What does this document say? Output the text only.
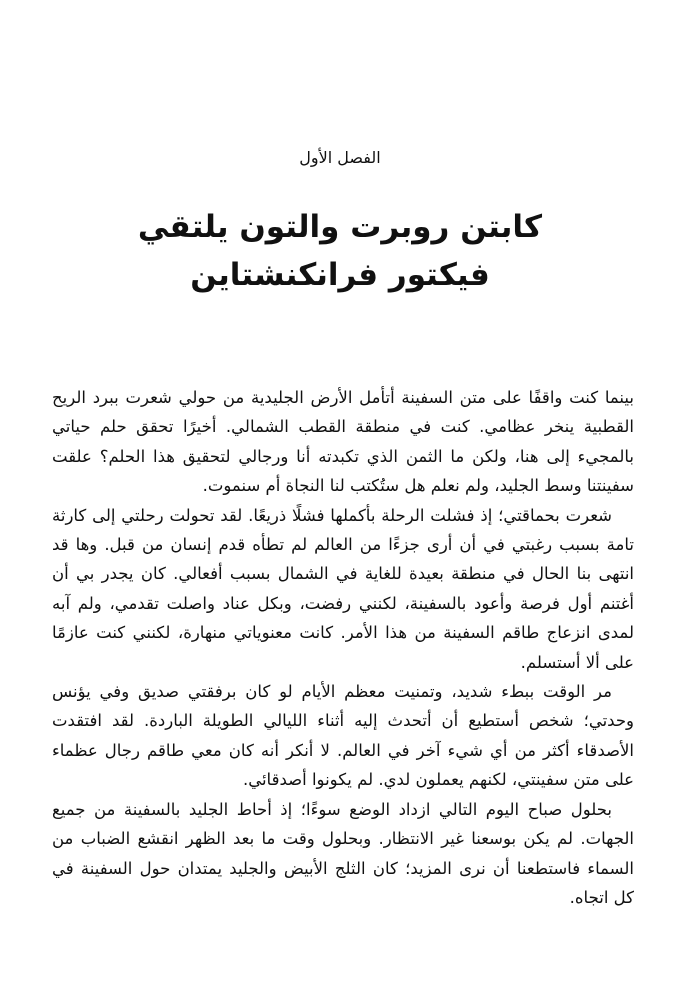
الفصل الأول
كابتن روبرت والتون يلتقي
فيكتور فرانكنشتاين

بينما كنت واقفًا على متن السفينة أتأمل الأرض الجليدية من حولي شعرت ببرد الريح القطبية ينخر عظامي. كنت في منطقة القطب الشمالي. أخيرًا تحقق حلم حياتي بالمجيء إلى هنا، ولكن ما الثمن الذي تكبدته أنا ورجالي لتحقيق هذا الحلم؟ علقت سفينتنا وسط الجليد، ولم نعلم هل ستُكتب لنا النجاة أم سنموت.

شعرت بحماقتي؛ إذ فشلت الرحلة بأكملها فشلًا ذريعًا. لقد تحولت رحلتي إلى كارثة تامة بسبب رغبتي في أن أرى جزءًا من العالم لم تطأه قدم إنسان من قبل. وها قد انتهى بنا الحال في منطقة بعيدة للغاية في الشمال بسبب أفعالي. كان يجدر بي أن أغتنم أول فرصة وأعود بالسفينة، لكنني رفضت، وبكل عناد واصلت تقدمي، ولم آبه لمدى انزعاج طاقم السفينة من هذا الأمر. كانت معنوياتي منهارة، لكنني كنت عازمًا على ألا أستسلم.

مر الوقت ببطء شديد، وتمنيت معظم الأيام لو كان برفقتي صديق وفي يؤنس وحدتي؛ شخص أستطيع أن أتحدث إليه أثناء الليالي الطويلة الباردة. لقد افتقدت الأصدقاء أكثر من أي شيء آخر في العالم. لا أنكر أنه كان معي طاقم رجال عظماء على متن سفينتي، لكنهم يعملون لدي. لم يكونوا أصدقائي.

بحلول صباح اليوم التالي ازداد الوضع سوءًا؛ إذ أحاط الجليد بالسفينة من جميع الجهات. لم يكن بوسعنا غير الانتظار. وبحلول وقت ما بعد الظهر انقشع الضباب من السماء فاستطعنا أن نرى المزيد؛ كان الثلج الأبيض والجليد يمتدان حول السفينة في كل اتجاه.
